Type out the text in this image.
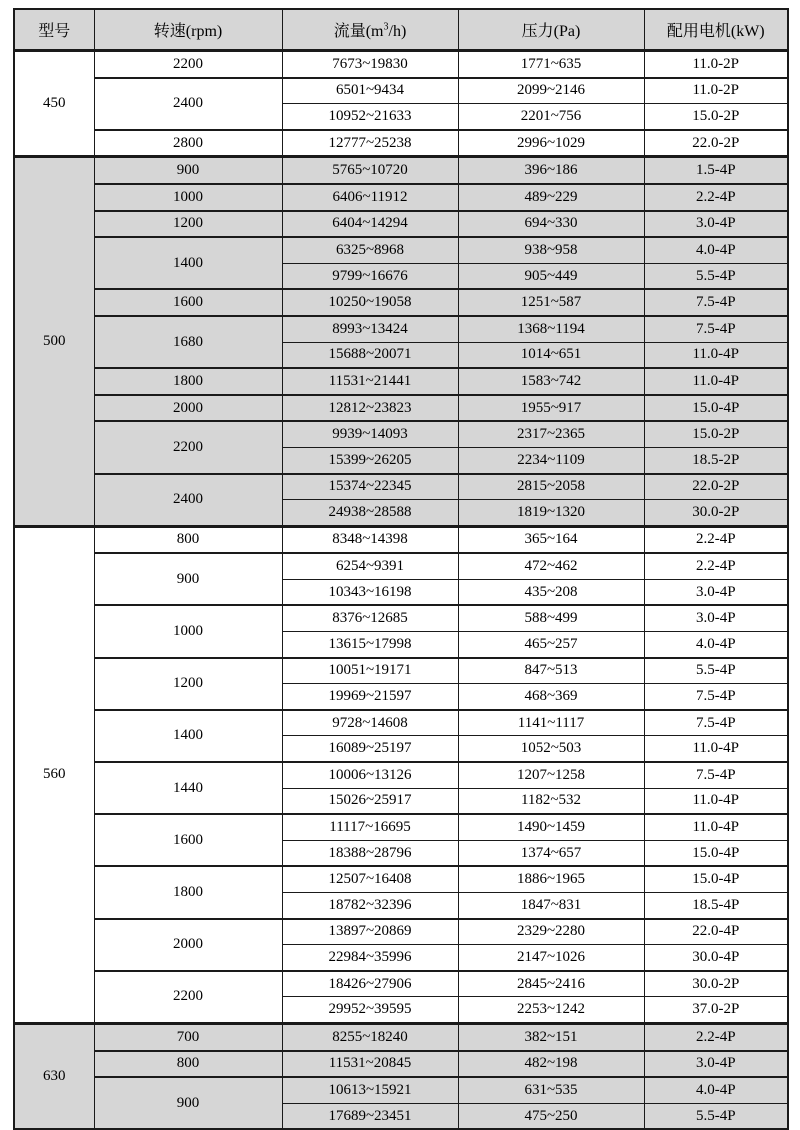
型号	转速(rpm)	流量$(m^3/h)$	压力(Pa)	配用电机(kW)
450	2200	7673~19830	1771~635	11.0-2P
	2400	6501~9434	2099~2146	11.0-2P
		10952~21633	2201~756	15.0-2P
	2800	12777~25238	2996~1029	22.0-2P
500	900	5765~10720	396~186	1.5-4P
	1000	6406~11912	489~229	2.2-4P
	1200	6404~14294	694~330	3.0-4P
	1400	6325~8968	938~958	4.0-4P
		9799~16676	905~449	5.5-4P
	1600	10250~19058	1251~587	7.5-4P
	1680	8993~13424	1368~1194	7.5-4P
		15688~20071	1014~651	11.0-4P
	1800	11531~21441	1583~742	11.0-4P
	2000	12812~23823	1955~917	15.0-4P
	2200	9939~14093	2317~2365	15.0-2P
		15399~26205	2234~1109	18.5-2P
	2400	15374~22345	2815~2058	22.0-2P
		24938~28588	1819~1320	30.0-2P
560	800	8348~14398	365~164	2.2-4P
	900	6254~9391	472~462	2.2-4P
		10343~16198	435~208	3.0-4P
	1000	8376~12685	588~499	3.0-4P
		13615~17998	465~257	4.0-4P
	1200	10051~19171	847~513	5.5-4P
		19969~21597	468~369	7.5-4P
	1400	9728~14608	1141~1117	7.5-4P
		16089~25197	1052~503	11.0-4P
	1440	10006~13126	1207~1258	7.5-4P
		15026~25917	1182~532	11.0-4P
	1600	11117~16695	1490~1459	11.0-4P
		18388~28796	1374~657	15.0-4P
	1800	12507~16408	1886~1965	15.0-4P
		18782~32396	1847~831	18.5-4P
	2000	13897~20869	2329~2280	22.0-4P
		22984~35996	2147~1026	30.0-4P
	2200	18426~27906	2845~2416	30.0-2P
		29952~39595	2253~1242	37.0-2P
630	700	8255~18240	382~151	2.2-4P
	800	11531~20845	482~198	3.0-4P
	900	10613~15921	631~535	4.0-4P
		17689~23451	475~250	5.5-4P
